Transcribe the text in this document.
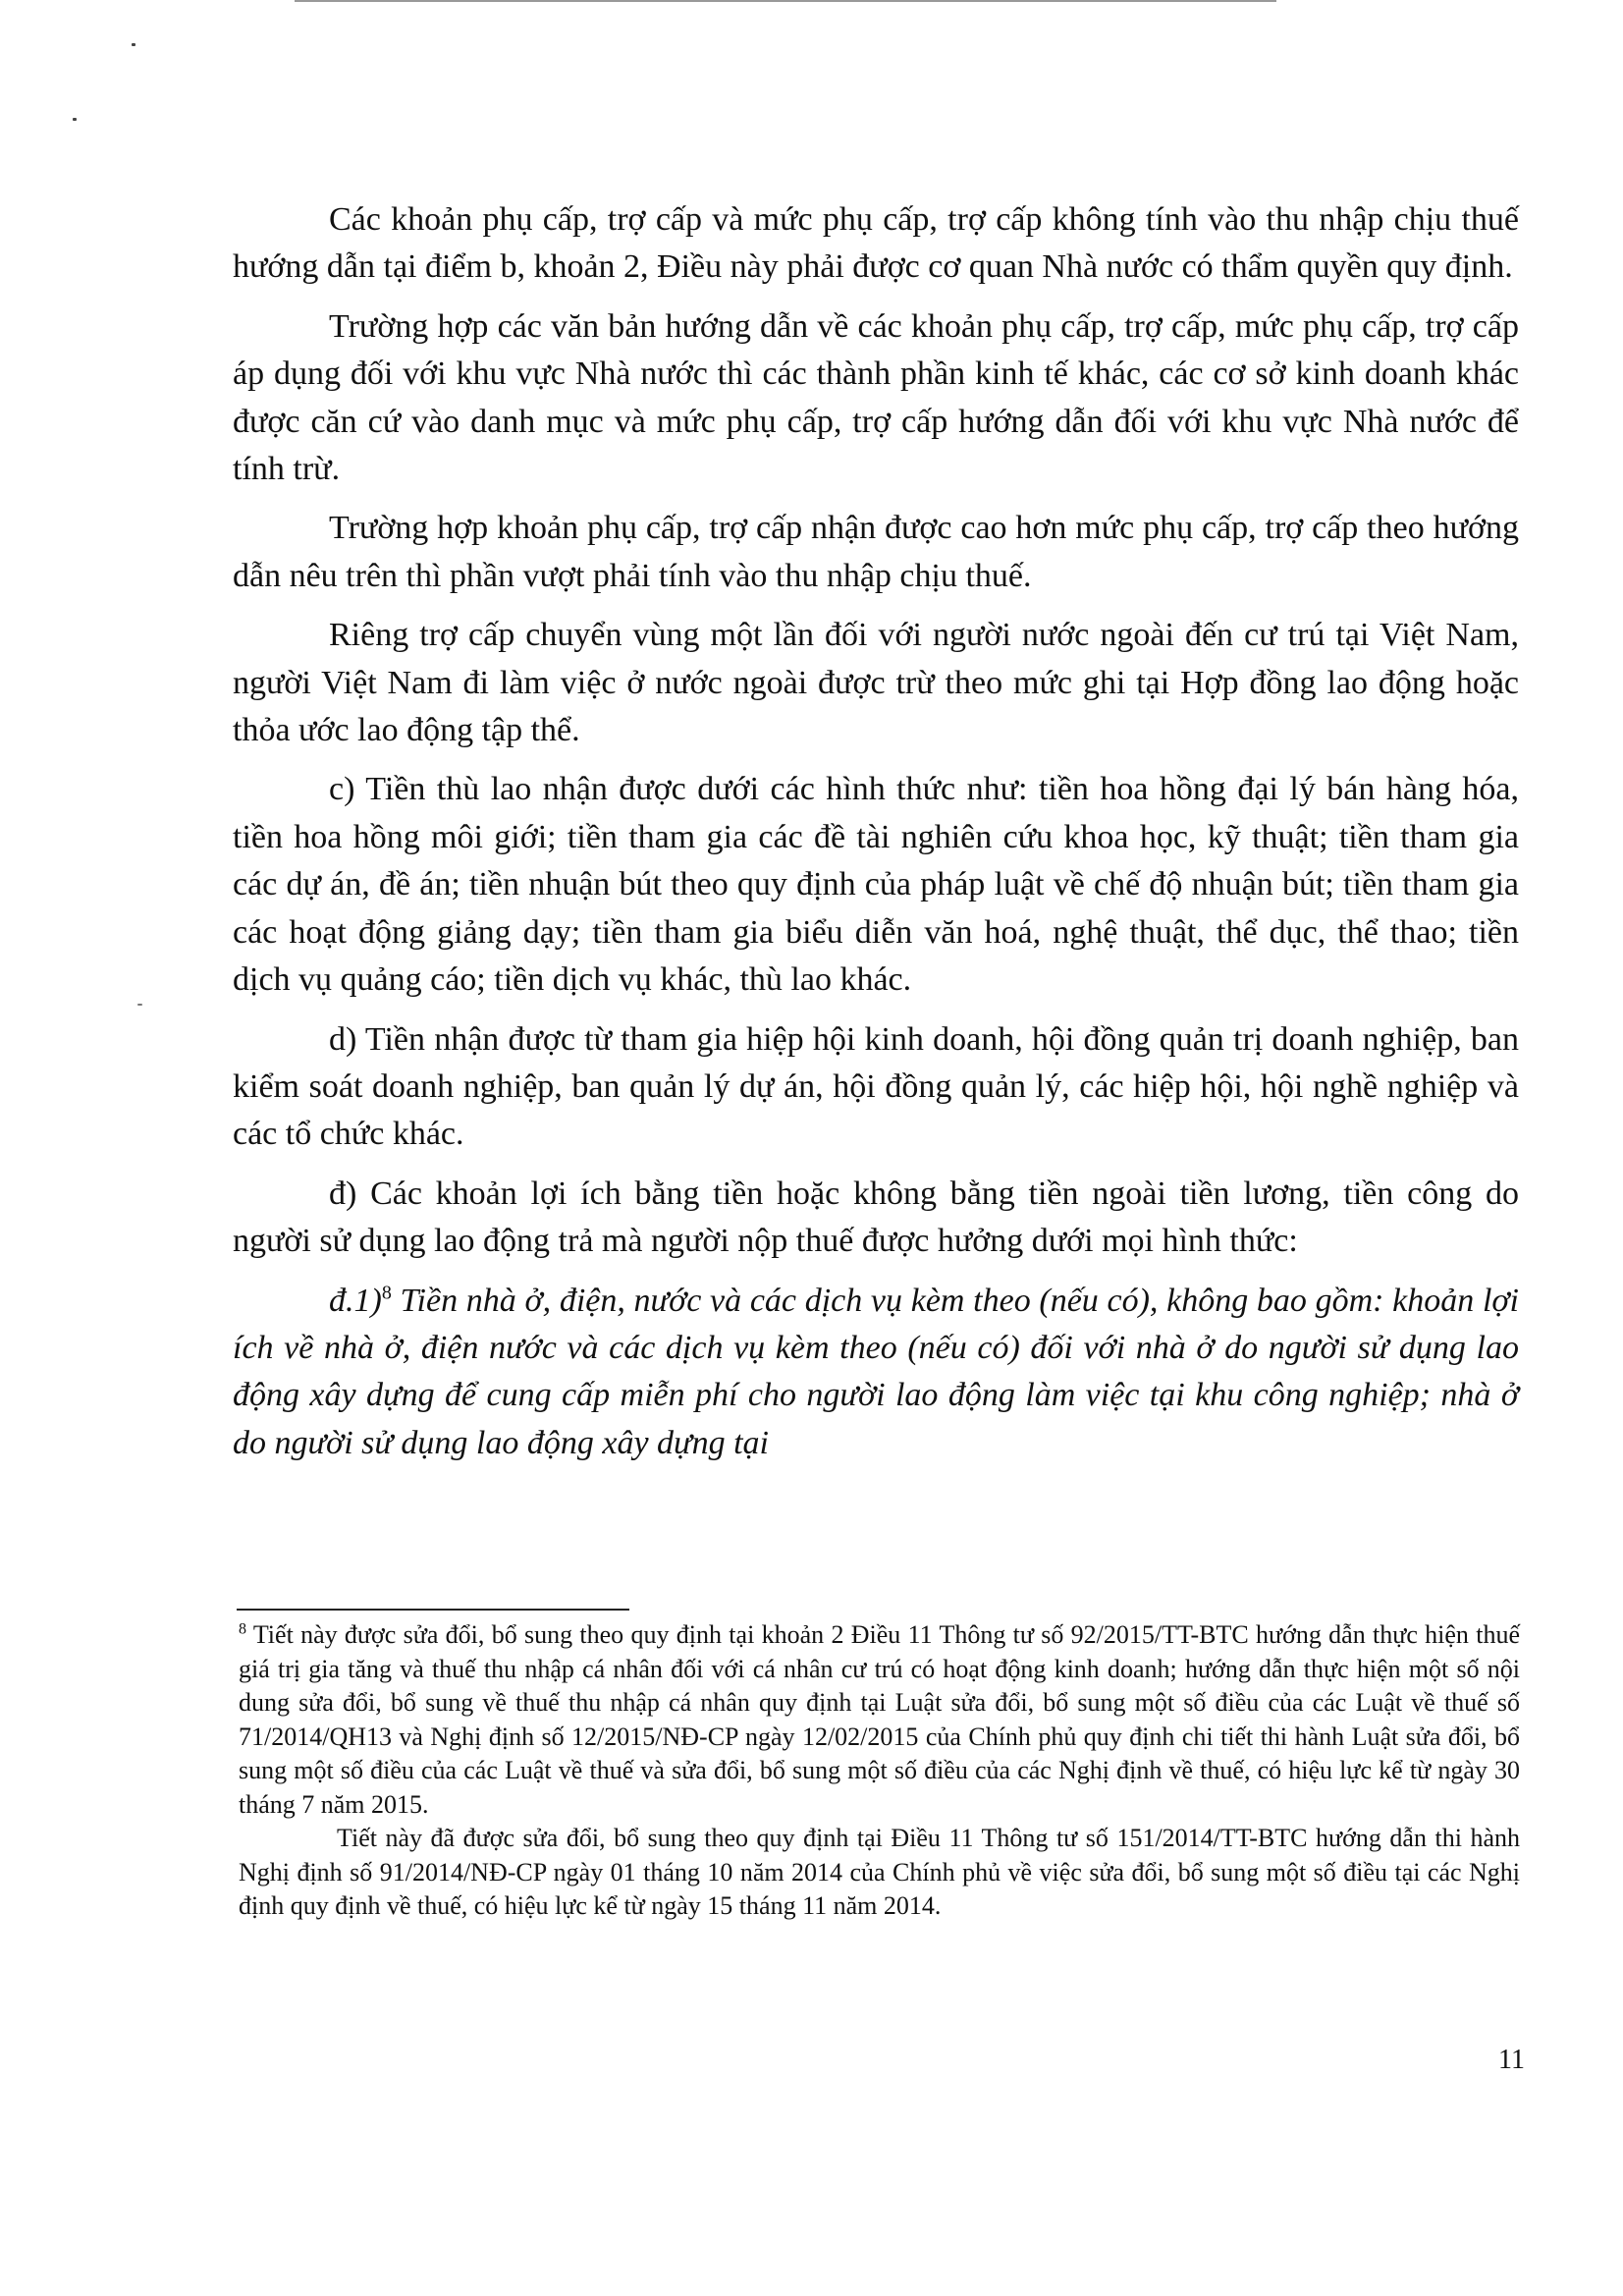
Các khoản phụ cấp, trợ cấp và mức phụ cấp, trợ cấp không tính vào thu nhập chịu thuế hướng dẫn tại điểm b, khoản 2, Điều này phải được cơ quan Nhà nước có thẩm quyền quy định.

Trường hợp các văn bản hướng dẫn về các khoản phụ cấp, trợ cấp, mức phụ cấp, trợ cấp áp dụng đối với khu vực Nhà nước thì các thành phần kinh tế khác, các cơ sở kinh doanh khác được căn cứ vào danh mục và mức phụ cấp, trợ cấp hướng dẫn đối với khu vực Nhà nước để tính trừ.

Trường hợp khoản phụ cấp, trợ cấp nhận được cao hơn mức phụ cấp, trợ cấp theo hướng dẫn nêu trên thì phần vượt phải tính vào thu nhập chịu thuế.

Riêng trợ cấp chuyển vùng một lần đối với người nước ngoài đến cư trú tại Việt Nam, người Việt Nam đi làm việc ở nước ngoài được trừ theo mức ghi tại Hợp đồng lao động hoặc thỏa ước lao động tập thể.

c) Tiền thù lao nhận được dưới các hình thức như: tiền hoa hồng đại lý bán hàng hóa, tiền hoa hồng môi giới; tiền tham gia các đề tài nghiên cứu khoa học, kỹ thuật; tiền tham gia các dự án, đề án; tiền nhuận bút theo quy định của pháp luật về chế độ nhuận bút; tiền tham gia các hoạt động giảng dạy; tiền tham gia biểu diễn văn hoá, nghệ thuật, thể dục, thể thao; tiền dịch vụ quảng cáo; tiền dịch vụ khác, thù lao khác.

d) Tiền nhận được từ tham gia hiệp hội kinh doanh, hội đồng quản trị doanh nghiệp, ban kiểm soát doanh nghiệp, ban quản lý dự án, hội đồng quản lý, các hiệp hội, hội nghề nghiệp và các tổ chức khác.

đ) Các khoản lợi ích bằng tiền hoặc không bằng tiền ngoài tiền lương, tiền công do người sử dụng lao động trả mà người nộp thuế được hưởng dưới mọi hình thức:

đ.1)$^8$ Tiền nhà ở, điện, nước và các dịch vụ kèm theo (nếu có), không bao gồm: khoản lợi ích về nhà ở, điện nước và các dịch vụ kèm theo (nếu có) đối với nhà ở do người sử dụng lao động xây dựng để cung cấp miễn phí cho người lao động làm việc tại khu công nghiệp; nhà ở do người sử dụng lao động xây dựng tại

$^8$ Tiết này được sửa đổi, bổ sung theo quy định tại khoản 2 Điều 11 Thông tư số 92/2015/TT-BTC hướng dẫn thực hiện thuế giá trị gia tăng và thuế thu nhập cá nhân đối với cá nhân cư trú có hoạt động kinh doanh; hướng dẫn thực hiện một số nội dung sửa đổi, bổ sung về thuế thu nhập cá nhân quy định tại Luật sửa đổi, bổ sung một số điều của các Luật về thuế số 71/2014/QH13 và Nghị định số 12/2015/NĐ-CP ngày 12/02/2015 của Chính phủ quy định chi tiết thi hành Luật sửa đổi, bổ sung một số điều của các Luật về thuế và sửa đổi, bổ sung một số điều của các Nghị định về thuế, có hiệu lực kể từ ngày 30 tháng 7 năm 2015.

Tiết này đã được sửa đổi, bổ sung theo quy định tại Điều 11 Thông tư số 151/2014/TT-BTC hướng dẫn thi hành Nghị định số 91/2014/NĐ-CP ngày 01 tháng 10 năm 2014 của Chính phủ về việc sửa đổi, bổ sung một số điều tại các Nghị định quy định về thuế, có hiệu lực kể từ ngày 15 tháng 11 năm 2014.

11
